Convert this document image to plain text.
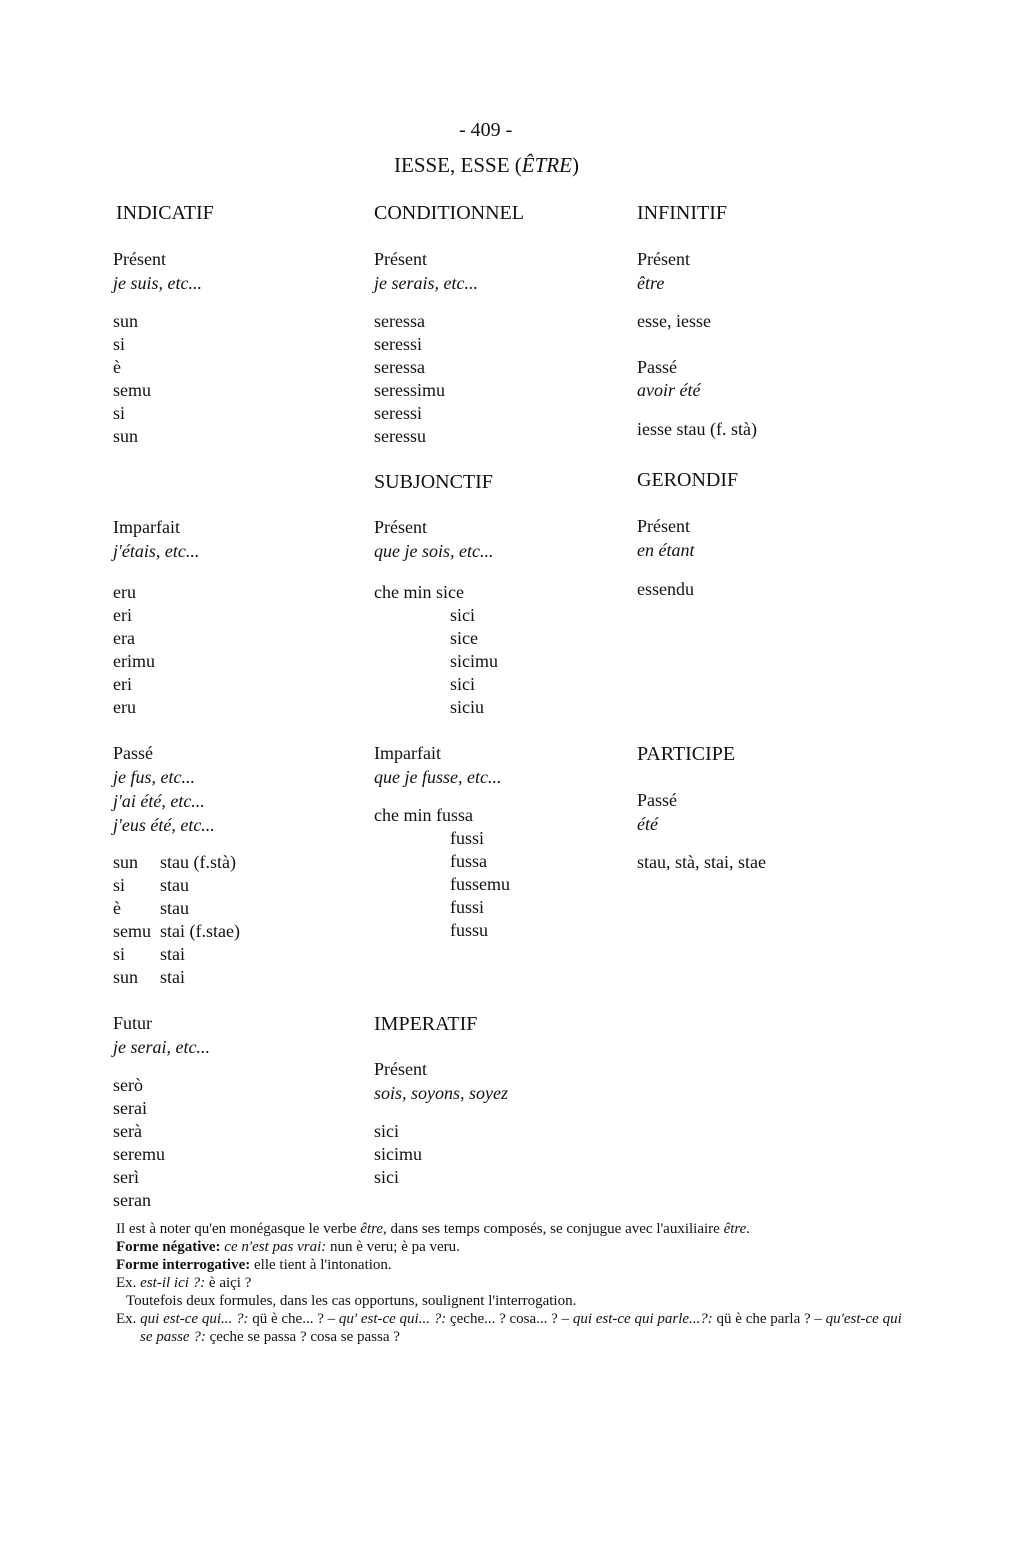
- 409 -
IESSE, ESSE (ÊTRE)
INDICATIF	CONDITIONNEL	INFINITIF
Présent
je suis, etc...
sun
si
è
semu
si
sun
Présent
je serais, etc...
seressa
seressi
seressa
seressimu
seressi
seressu
Présent
être
esse, iesse
Passé
avoir été
iesse stau (f. stà)
SUBJONCTIF	GERONDIF
Imparfait
j'étais, etc...
eru
eri
era
erimu
eri
eru
Présent
que je sois, etc...
che min sice
sici
sice
sicimu
sici
siciu
Présent
en étant
essendu
Passé
je fus, etc...
j'ai été, etc...
j'eus été, etc...
sun stau (f.stà)
si stau
è stau
semu stai (f.stae)
si stai
sun stai
Imparfait
que je fusse, etc...
che min fussa
fussi
fussa
fussemu
fussi
fussu
PARTICIPE
Passé
été
stau, stà, stai, stae
Futur
je serai, etc...
serò
serai
serà
seremu
serì
seran
IMPERATIF
Présent
sois, soyons, soyez
sici
sicimu
sici

Il est à noter qu'en monégasque le verbe être, dans ses temps composés, se conjugue avec l'auxiliaire être.

Forme négative: ce n'est pas vrai: nun è veru; è pa veru.

Forme interrogative: elle tient à l'intonation.

Ex. est-il ici ?: è aiçi ?

Toutefois deux formules, dans les cas opportuns, soulignent l'interrogation.

Ex. qui est-ce qui... ?: qü è che... ? – qu' est-ce qui... ?: çeche... ? cosa... ? – qui est-ce qui parle...?: qü è che parla ? – qu'est-ce qui se passe ?: çeche se passa ? cosa se passa ?
